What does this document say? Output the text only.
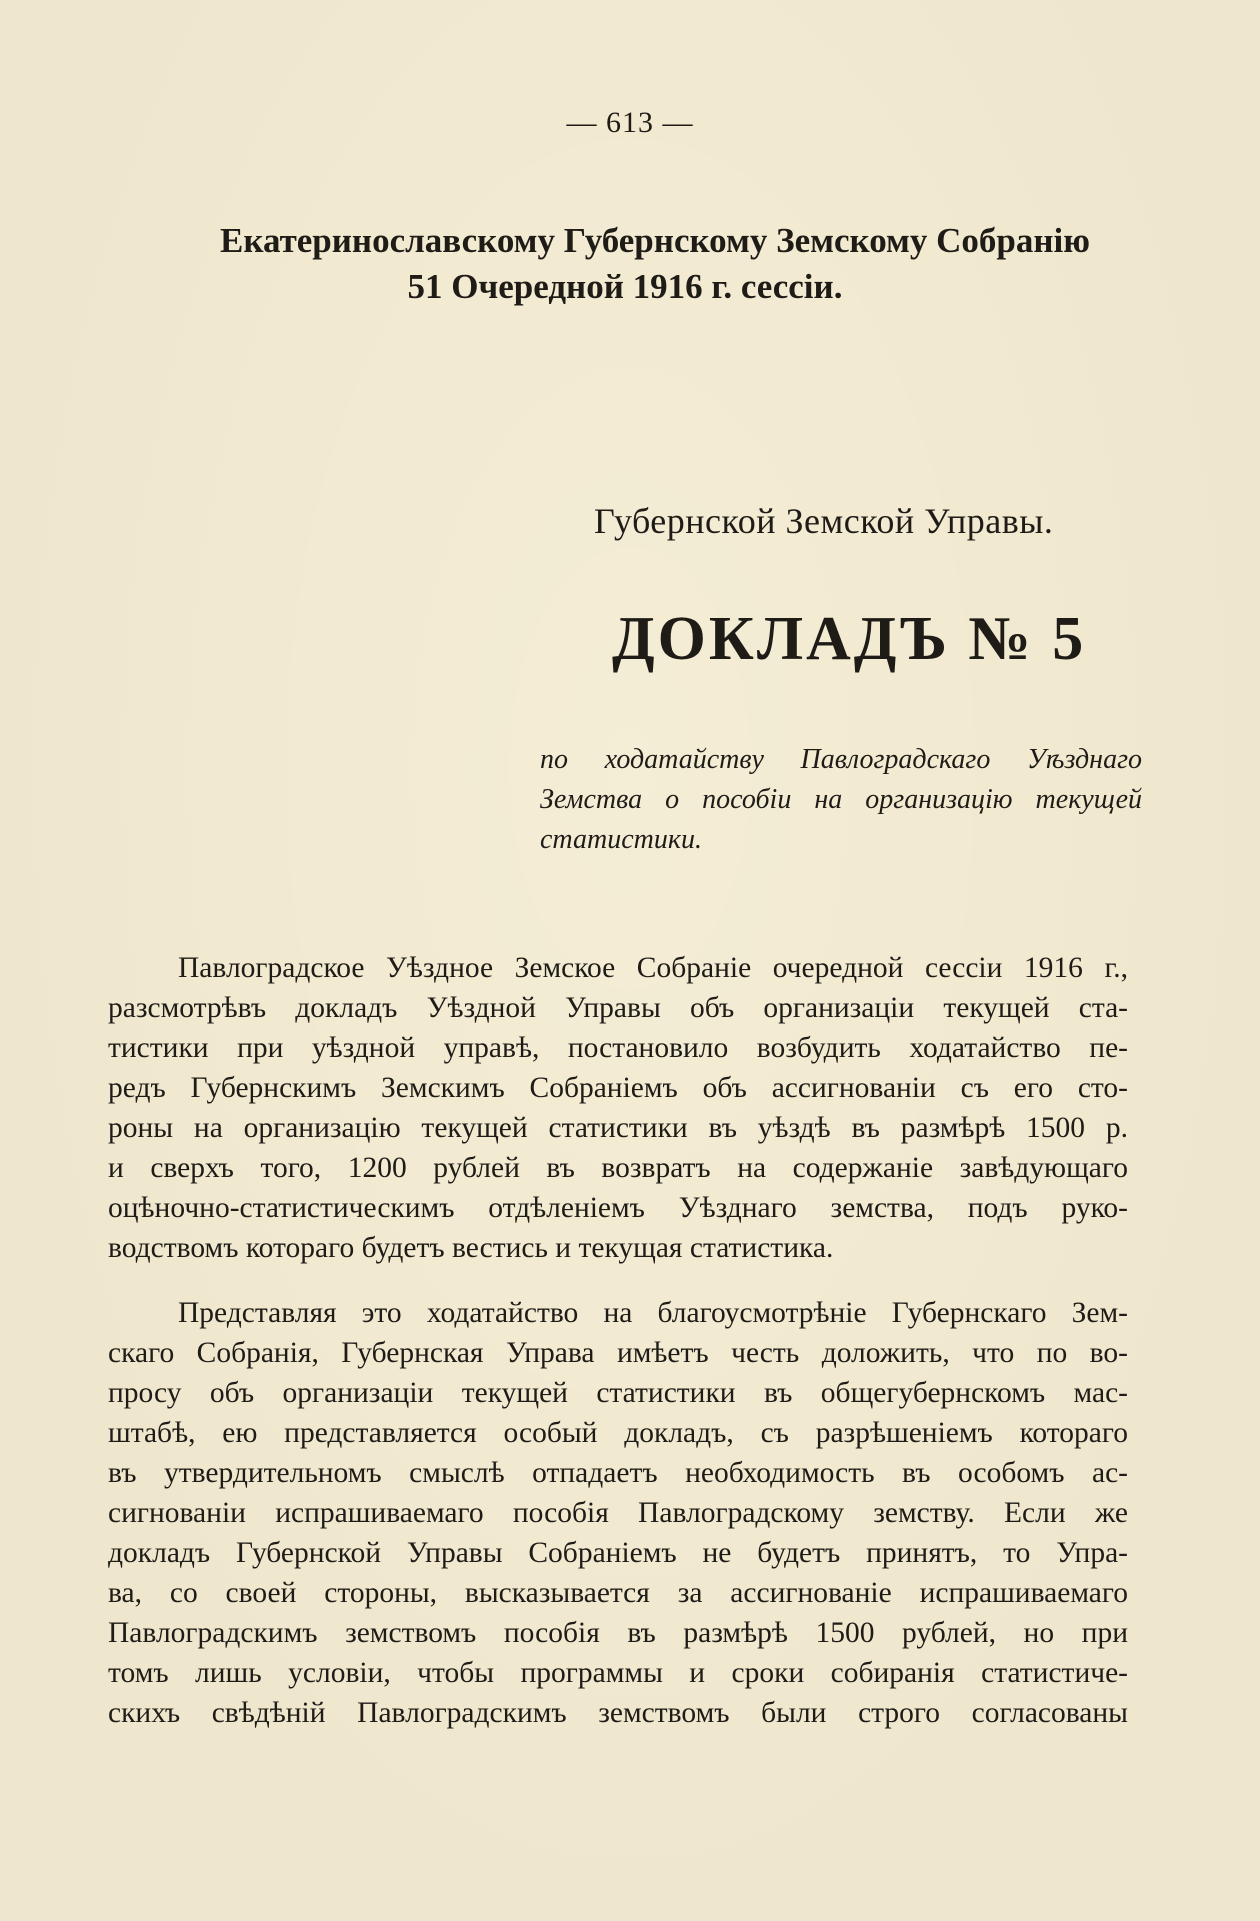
— 613 —
Екатеринославскому Губернскому Земскому Собранію
51 Очередной 1916 г. сессіи.
Губернской Земской Управы.
ДОКЛАДЪ № 5
по ходатайству Павлоградскаго Уѣзднаго Земства о пособіи на организацію текущей статистики.
Павлоградское Уѣздное Земское Собраніе очередной сессіи 1916 г.,
разсмотрѣвъ докладъ Уѣздной Управы объ организаціи текущей ста-
тистики при уѣздной управѣ, постановило возбудить ходатайство пе-
редъ Губернскимъ Земскимъ Собраніемъ объ ассигнованіи съ его сто-
роны на организацію текущей статистики въ уѣздѣ въ размѣрѣ 1500 р.
и сверхъ того, 1200 рублей въ возвратъ на содержаніе завѣдующаго
оцѣночно-статистическимъ отдѣленіемъ Уѣзднаго земства, подъ руко-
водствомъ котораго будетъ вестись и текущая статистика.
Представляя это ходатайство на благоусмотрѣніе Губернскаго Зем-
скаго Собранія, Губернская Управа имѣетъ честь доложить, что по во-
просу объ организаціи текущей статистики въ общегубернскомъ мас-
штабѣ, ею представляется особый докладъ, съ разрѣшеніемъ котораго
въ утвердительномъ смыслѣ отпадаетъ необходимость въ особомъ ас-
сигнованіи испрашиваемаго пособія Павлоградскому земству. Если же
докладъ Губернской Управы Собраніемъ не будетъ принятъ, то Упра-
ва, со своей стороны, высказывается за ассигнованіе испрашиваемаго
Павлоградскимъ земствомъ пособія въ размѣрѣ 1500 рублей, но при
томъ лишь условіи, чтобы программы и сроки собиранія статистиче-
скихъ свѣдѣній Павлоградскимъ земствомъ были строго согласованы
